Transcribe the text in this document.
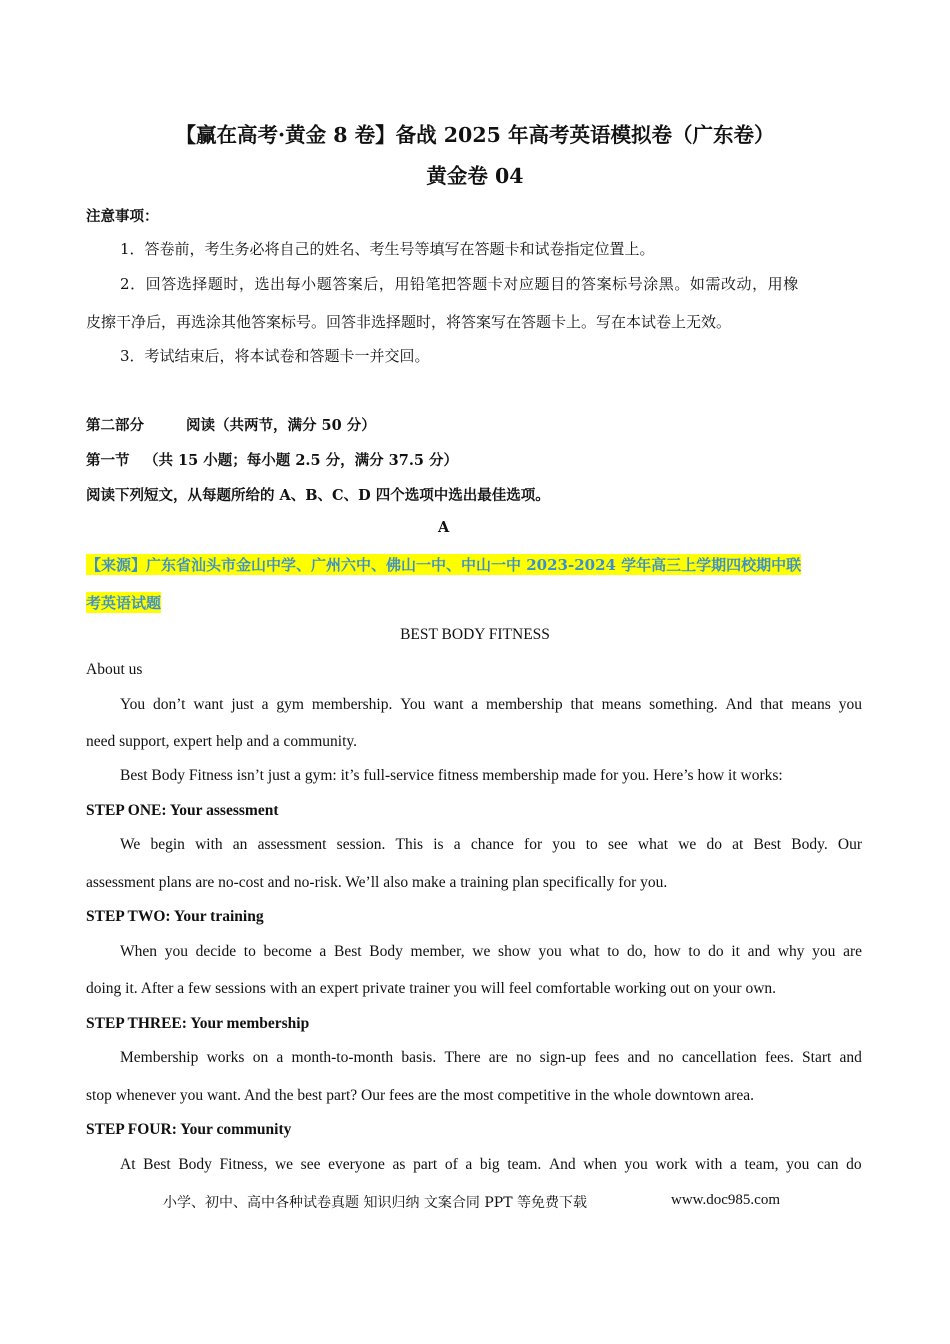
【赢在高考·黄金 8 卷】备战 2025 年高考英语模拟卷（广东卷）
黄金卷 04
注意事项：
1．答卷前，考生务必将自己的姓名、考生号等填写在答题卡和试卷指定位置上。
2．回答选择题时，选出每小题答案后，用铅笔把答题卡对应题目的答案标号涂黑。如需改动，用橡
皮擦干净后，再选涂其他答案标号。回答非选择题时，将答案写在答题卡上。写在本试卷上无效。
3．考试结束后，将本试卷和答题卡一并交回。
第二部分	阅读（共两节，满分 50 分）
第一节 （共 15 小题；每小题 2.5 分，满分 37.5 分）
阅读下列短文，从每题所给的 A、B、C、D 四个选项中选出最佳选项。
A
【来源】广东省汕头市金山中学、广州六中、佛山一中、中山一中 2023-2024 学年高三上学期四校期中联
考英语试题
BEST BODY FITNESS
About us
You don’t want just a gym membership. You want a membership that means something. And that means you
need support, expert help and a community.
Best Body Fitness isn’t just a gym: it’s full-service fitness membership made for you. Here’s how it works:
STEP ONE: Your assessment
We begin with an assessment session. This is a chance for you to see what we do at Best Body. Our
assessment plans are no-cost and no-risk. We’ll also make a training plan specifically for you.
STEP TWO: Your training
When you decide to become a Best Body member, we show you what to do, how to do it and why you are
doing it. After a few sessions with an expert private trainer you will feel comfortable working out on your own.
STEP THREE: Your membership
Membership works on a month-to-month basis. There are no sign-up fees and no cancellation fees. Start and
stop whenever you want. And the best part? Our fees are the most competitive in the whole downtown area.
STEP FOUR: Your community
At Best Body Fitness, we see everyone as part of a big team. And when you work with a team, you can do
小学、初中、高中各种试卷真题 知识归纳 文案合同 PPT 等免费下载	www.doc985.com
